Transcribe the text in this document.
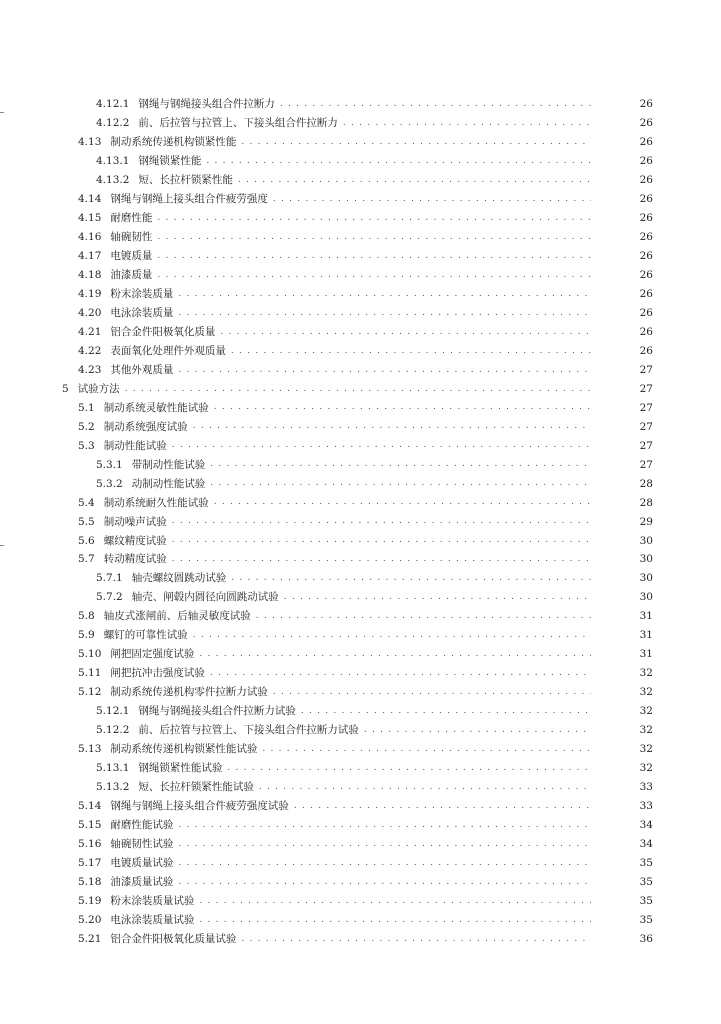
4.12.1 钢绳与钢绳接头组合件拉断力 . . .	26
4.12.2 前、后拉管与拉管上、下接头组合件拉断力 . . .	26
4.13 制动系统传递机构锁紧性能 . . .	26
4.13.1 钢绳锁紧性能 . . .	26
4.13.2 短、长拉杆锁紧性能 . . .	26
4.14 钢绳与钢绳上接头组合件疲劳强度 . . .	26
4.15 耐磨性能 . . .	26
4.16 轴碗韧性 . . .	26
4.17 电镀质量 . . .	26
4.18 油漆质量 . . .	26
4.19 粉末涂装质量 . . .	26
4.20 电泳涂装质量 . . .	26
4.21 铝合金件阳极氧化质量 . . .	26
4.22 表面氧化处理件外观质量 . . .	26
4.23 其他外观质量 . . .	27
5 试验方法 . . .	27
5.1 制动系统灵敏性能试验 . . .	27
5.2 制动系统强度试验 . . .	27
5.3 制动性能试验 . . .	27
5.3.1 带制动性能试验 . . .	27
5.3.2 动制动性能试验 . . .	28
5.4 制动系统耐久性能试验 . . .	28
5.5 制动噪声试验 . . .	29
5.6 螺纹精度试验 . . .	30
5.7 转动精度试验 . . .	30
5.7.1 轴壳螺纹圆跳动试验 . . .	30
5.7.2 轴壳、闸毂内圆径向圆跳动试验 . . .	30
5.8 轴皮式涨闸前、后轴灵敏度试验 . . .	31
5.9 螺钉的可靠性试验 . . .	31
5.10 闸把固定强度试验 . . .	31
5.11 闸把抗冲击强度试验 . . .	32
5.12 制动系统传递机构零件拉断力试验 . . .	32
5.12.1 钢绳与钢绳接头组合件拉断力试验 . . .	32
5.12.2 前、后拉管与拉管上、下接头组合件拉断力试验 . . .	32
5.13 制动系统传递机构锁紧性能试验 . . .	32
5.13.1 钢绳锁紧性能试验 . . .	32
5.13.2 短、长拉杆锁紧性能试验 . . .	33
5.14 钢绳与钢绳上接头组合件疲劳强度试验 . . .	33
5.15 耐磨性能试验 . . .	34
5.16 轴碗韧性试验 . . .	34
5.17 电镀质量试验 . . .	35
5.18 油漆质量试验 . . .	35
5.19 粉末涂装质量试验 . . .	35
5.20 电泳涂装质量试验 . . .	35
5.21 铝合金件阳极氧化质量试验 . . .	36
